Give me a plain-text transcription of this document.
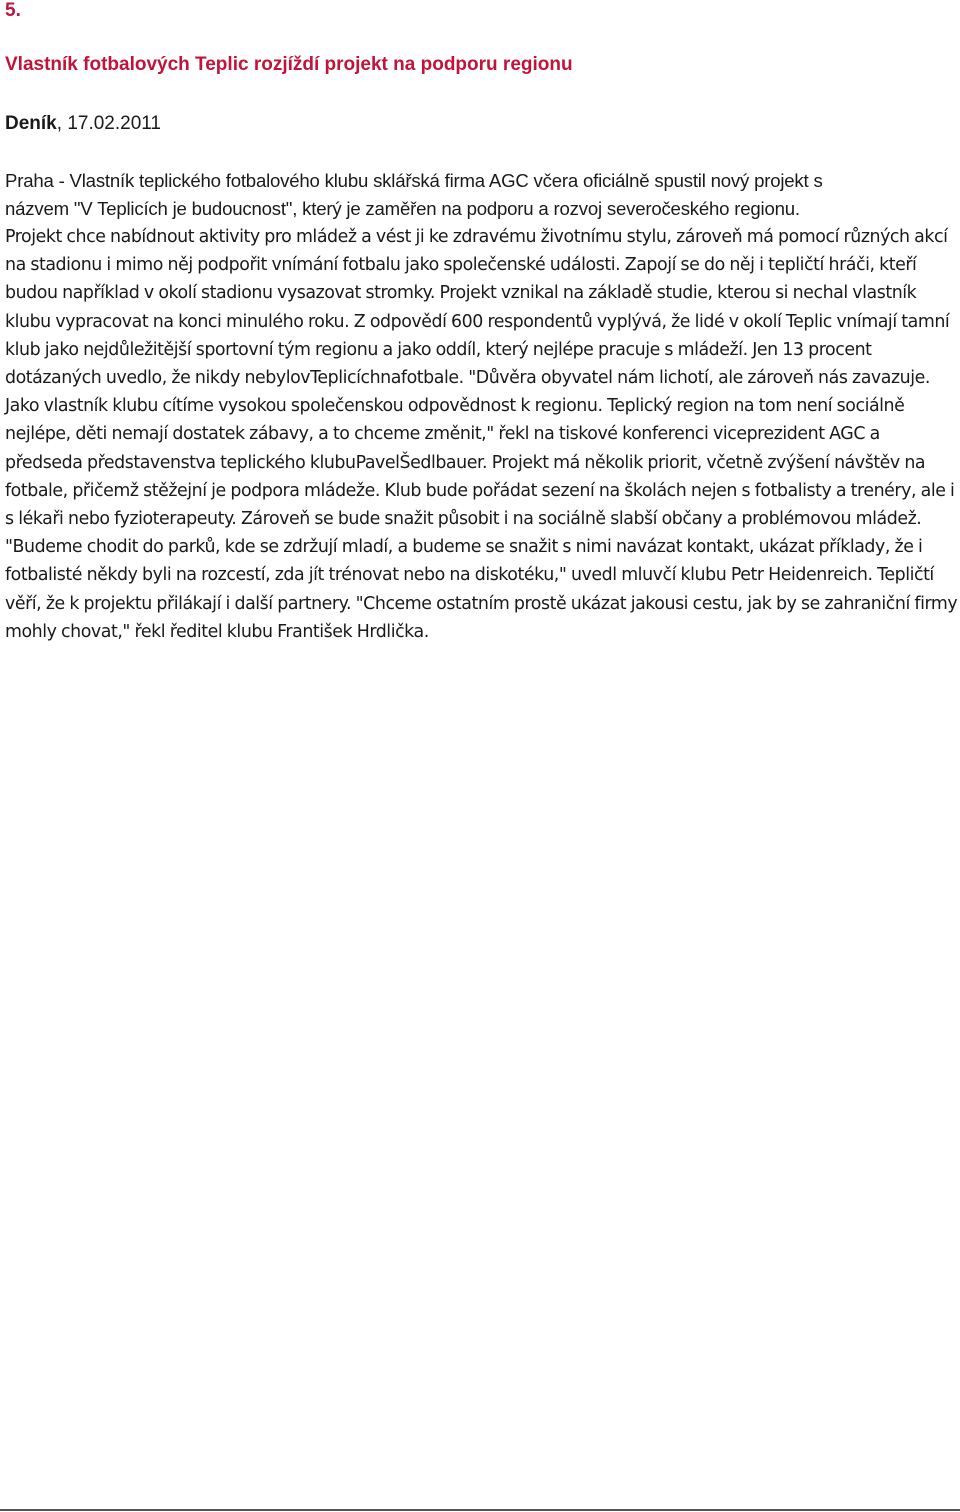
5.
Vlastník fotbalových Teplic rozjíždí projekt na podporu regionu
Deník, 17.02.2011

Praha - Vlastník teplického fotbalového klubu sklářská firma AGC včera oficiálně spustil nový projekt s
názvem "V Teplicích je budoucnost", který je zaměřen na podporu a rozvoj severočeského regionu.

Projekt chce nabídnout aktivity pro mládež a vést ji ke zdravému životnímu stylu, zároveň má pomocí různých akcí na stadionu i mimo něj podpořit vnímání fotbalu jako společenské události. Zapojí se do něj i tepličtí hráči, kteří budou například v okolí stadionu vysazovat stromky. Projekt vznikal na základě studie, kterou si nechal vlastník klubu vypracovat na konci minulého roku. Z odpovědí 600 respondentů vyplývá, že lidé v okolí Teplic vnímají tamní klub jako nejdůležitější sportovní tým regionu a jako oddíl, který nejlépe pracuje s mládeží. Jen 13 procent dotázaných uvedlo, že nikdy nebylovTeplicíchnafotbale. "Důvěra obyvatel nám lichotí, ale zároveň nás zavazuje. Jako vlastník klubu cítíme vysokou společenskou odpovědnost k regionu. Teplický region na tom není sociálně nejlépe, děti nemají dostatek zábavy, a to chceme změnit," řekl na tiskové konferenci viceprezident AGC a předseda představenstva teplického klubuPavelŠedlbauer. Projekt má několik priorit, včetně zvýšení návštěv na fotbale, přičemž stěžejní je podpora mládeže. Klub bude pořádat sezení na školách nejen s fotbalisty a trenéry, ale i s lékaři nebo fyzioterapeuty. Zároveň se bude snažit působit i na sociálně slabší občany a problémovou mládež.
"Budeme chodit do parků, kde se zdržují mladí, a budeme se snažit s nimi navázat kontakt, ukázat příklady, že i fotbalisté někdy byli na rozcestí, zda jít trénovat nebo na diskotéku," uvedl mluvčí klubu Petr Heidenreich. Tepličtí věří, že k projektu přilákají i další partnery. "Chceme ostatním prostě ukázat jakousi cestu, jak by se zahraniční firmy mohly chovat," řekl ředitel klubu František Hrdlička.
